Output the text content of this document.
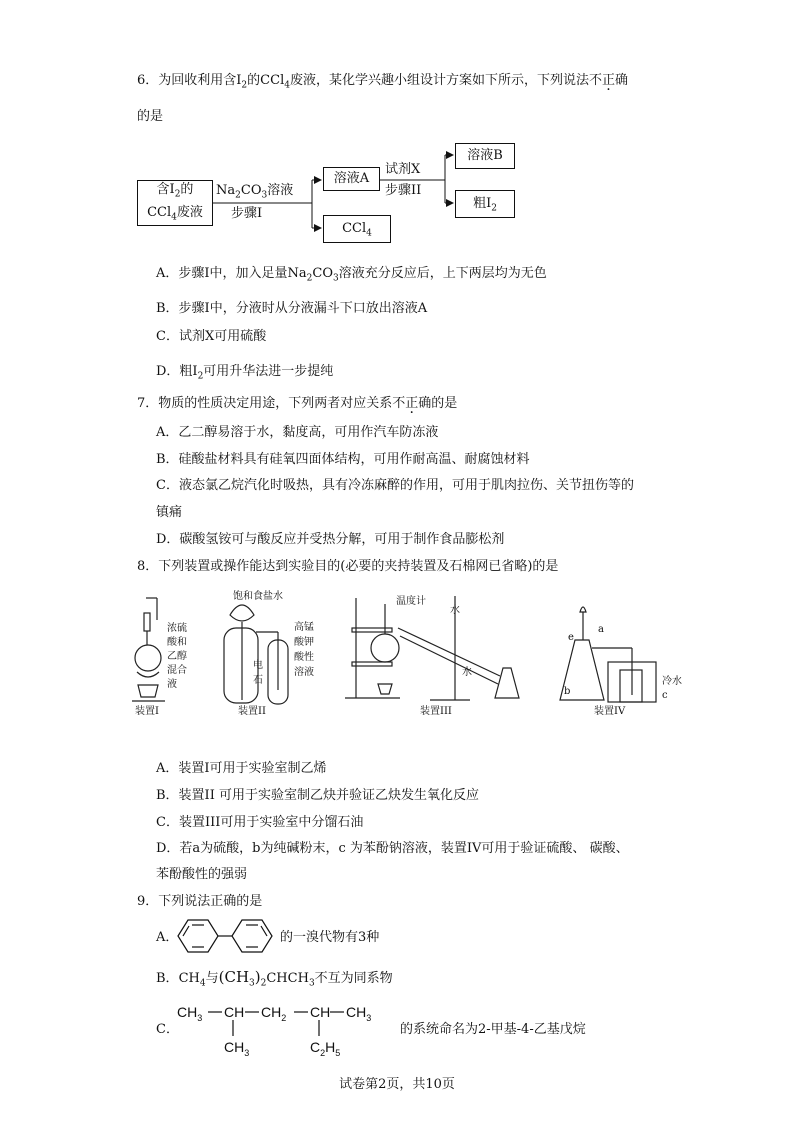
6．为回收利用含$I_2$的CCl$_4$废液，某化学兴趣小组设计方案如下所示，下列说法不正确
的是
含$I_2$的
CCl$_4$废液
$Na_2CO_3$溶液
步骤I
溶液A
CCl$_4$
试剂X
步骤II
溶液B
粗$I_2$
A．步骤I中，加入足量$Na_2CO_3$溶液充分反应后，上下两层均为无色
B．步骤I中，分液时从分液漏斗下口放出溶液A
C．试剂X可用硫酸
D．粗$I_2$可用升华法进一步提纯
7．物质的性质决定用途，下列两者对应关系不正确的是
A．乙二醇易溶于水，黏度高，可用作汽车防冻液
B．硅酸盐材料具有硅氧四面体结构，可用作耐高温、耐腐蚀材料
C．液态氯乙烷汽化时吸热，具有冷冻麻醉的作用，可用于肌肉拉伤、关节扭伤等的
镇痛
D．碳酸氢铵可与酸反应并受热分解，可用于制作食品膨松剂
8．下列装置或操作能达到实验目的(必要的夹持装置及石棉网已省略)的是
浓硫
酸和
乙醇
混合
液
装置I
饱和食盐水
电
石
高锰
酸钾
酸性
溶液
装置II
温度计
水
水
装置III
a
e
b
冷水
c
装置IV
A．装置I可用于实验室制乙烯
B．装置II 可用于实验室制乙炔并验证乙炔发生氧化反应
C．装置III可用于实验室中分馏石油
D．若a为硫酸，b为纯碱粉末，c 为苯酚钠溶液，装置IV可用于验证硫酸、 碳酸、
苯酚酸性的强弱
9．下列说法正确的是
A．	的一溴代物有3种
B．$CH_4$与$(CH_3)_2CHCH_3$不互为同系物
C．
$CH_3$ CH $CH_2$ CH $CH_3$
$CH_3$	$C_2H_5$
的系统命名为2-甲基-4-乙基戊烷
试卷第2页，共10页
